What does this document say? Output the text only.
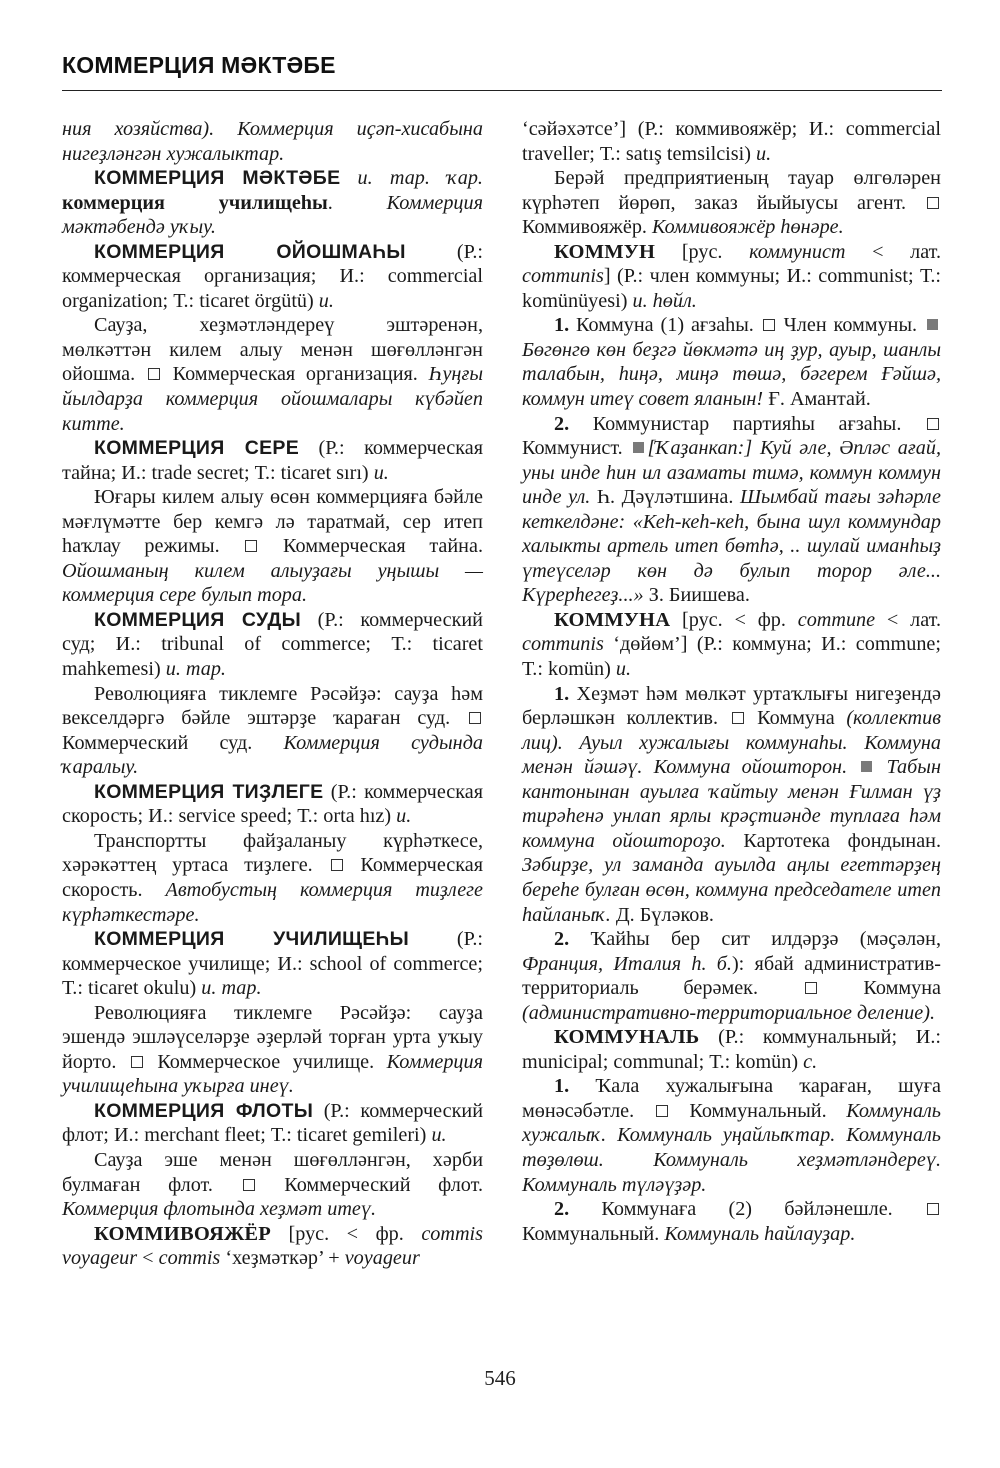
КОММЕРЦИЯ МӘКТӘБЕ

ния хозяйства). Коммерция иҫәп-хисабына нигеҙләнгән хужалыктар.

КОММЕРЦИЯ МӘКТӘБЕ и. тар. ҡар. коммерция училищеһы. Коммерция мәктәбендә уҡыу.

КОММЕРЦИЯ ОЙОШМАҺЫ (Р.: коммерческая организация; И.: commercial organization; Т.: ticaret örgütü) и.

Сауҙа, хеҙмәтләндереү эштәренән, мөлкәттән килем алыу менән шөғөлләнгән ойошма.  Коммерческая организация. Һуңғы йылдарҙа коммерция ойошмалары күбәйеп китте.

КОММЕРЦИЯ СЕРЕ (Р.: коммерческая тайна; И.: trade secret; Т.: ticaret sırı) и.

Юғары килем алыу өсөн коммерцияға бәйле мәғлүмәтте бер кемгә лә таратмай, сер итеп һаҡлау режимы.  Коммерческая тайна. Ойошманың килем алыуҙағы уңышы — коммерция сере булып тора.

КОММЕРЦИЯ СУДЫ (Р.: коммерческий суд; И.: tribunal of commerce; Т.: ticaret mahkemesi) и. тар.

Революцияға тиклемге Рәсәйҙә: сауҙа һәм векселдәргә бәйле эштәрҙе ҡараған суд.  Коммерческий суд. Коммерция судында ҡаралыу.

КОММЕРЦИЯ ТИҘЛЕГЕ (Р.: коммерческая скорость; И.: service speed; Т.: orta hız) и.

Транспортты файҙаланыу күрһәткесе, хәрәкәттең уртаса тиҙлеге.  Коммерческая скорость. Автобустың коммерция тиҙлеге күрһәткестәре.

КОММЕРЦИЯ УЧИЛИЩЕҺЫ (Р.: коммерческое училище; И.: school of commerce; Т.: ticaret okulu) и. тар.

Революцияға тиклемге Рәсәйҙә: сауҙа эшендә эшләүселәрҙе әҙерләй торған урта уҡыу йорто.  Коммерческое училище. Коммерция училищеһына уҡырға инеү.

КОММЕРЦИЯ ФЛОТЫ (Р.: коммерческий флот; И.: merchant fleet; Т.: ticaret gemileri) и.

Сауҙа эше менән шөғөлләнгән, хәрби булмаған флот.  Коммерческий флот. Коммерция флотында хеҙмәт итеү.

КОММИВОЯЖЁР [рус. < фр. commis voyageur < commis ‘хеҙмәткәр’ + voyageur

‘сәйәхәтсе’] (Р.: коммивояжёр; И.: commercial traveller; Т.: satış temsilcisi) и.

Берәй предприятиеның тауар өлгөләрен күрһәтеп йөрөп, заказ йыйыусы агент.  Коммивояжёр. Коммивояжёр һөнәре.

КОММУН [рус. коммунист < лат. communis] (Р.: член коммуны; И.: communist; Т.: komünüyesi) и. һөйл.

1. Коммуна (1) ағзаһы.  Член коммуны. Бөгөнгө көн беҙгә йөкмәтә иң ҙур, ауыр, шанлы талабын, һиңә, миңә төшә, бәгерем Ғәйшә, коммун итеү совет яланын! Ғ. Амантай.

2. Коммунистар партияһы ағзаһы.  Коммунист. [Ҡаҙанкап:] Куй әле, Әпләс ағай, уны инде һин ил азаматы тимә, коммун коммун инде ул. Һ. Дәүләтшина. Шымбай тағы зәһәрле кеткелдәне: «Кеһ-кеһ-кеһ, бына шул коммундар халыкты артель итеп бөтһә, .. шулай иманһыҙ үтеүселәр көн дә булып торор әле... Күрерһегеҙ...» З. Биишева.

КОММУНА [рус. < фр. commune < лат. communis ‘дөйөм’] (Р.: коммуна; И.: commune; Т.: komün) и.

1. Хеҙмәт һәм мөлкәт уртаҡлығы нигеҙендә берләшкән коллектив.  Коммуна (коллектив лиц). Ауыл хужалығы коммунаһы. Коммуна менән йәшәү. Коммуна ойошторон. Табын кантонынан ауылға ҡайтыу менән Ғилман үҙ тирәһенә унлап ярлы крәҫтиәнде туплаға һәм коммуна ойоштороҙо. Картотека фондынан. Зәбирҙе, ул заманда ауылда аңлы егеттәрҙең береһе булған өсөн, коммуна председателе итеп һайланыҡ. Д. Бүләков.

2. Ҡайһы бер сит илдәрҙә (мәҫәлән, Франция, Италия һ. б.): ябай административ-территориаль берәмек.  Коммуна (административно-территориальное деление).

КОММУНАЛЬ (Р.: коммунальный; И.: municipal; communal; Т.: komün) с.

1. Ҡала хужалығына ҡараған, шуға мөнәсәбәтле.  Коммунальный. Коммуналь хужалыҡ. Коммуналь уңайлыҡтар. Коммуналь төҙөлөш. Коммуналь хеҙмәтләндереү. Коммуналь түләүҙәр.

2. Коммунаға (2) бәйләнешле.  Коммунальный. Коммуналь һайлауҙар.

546
